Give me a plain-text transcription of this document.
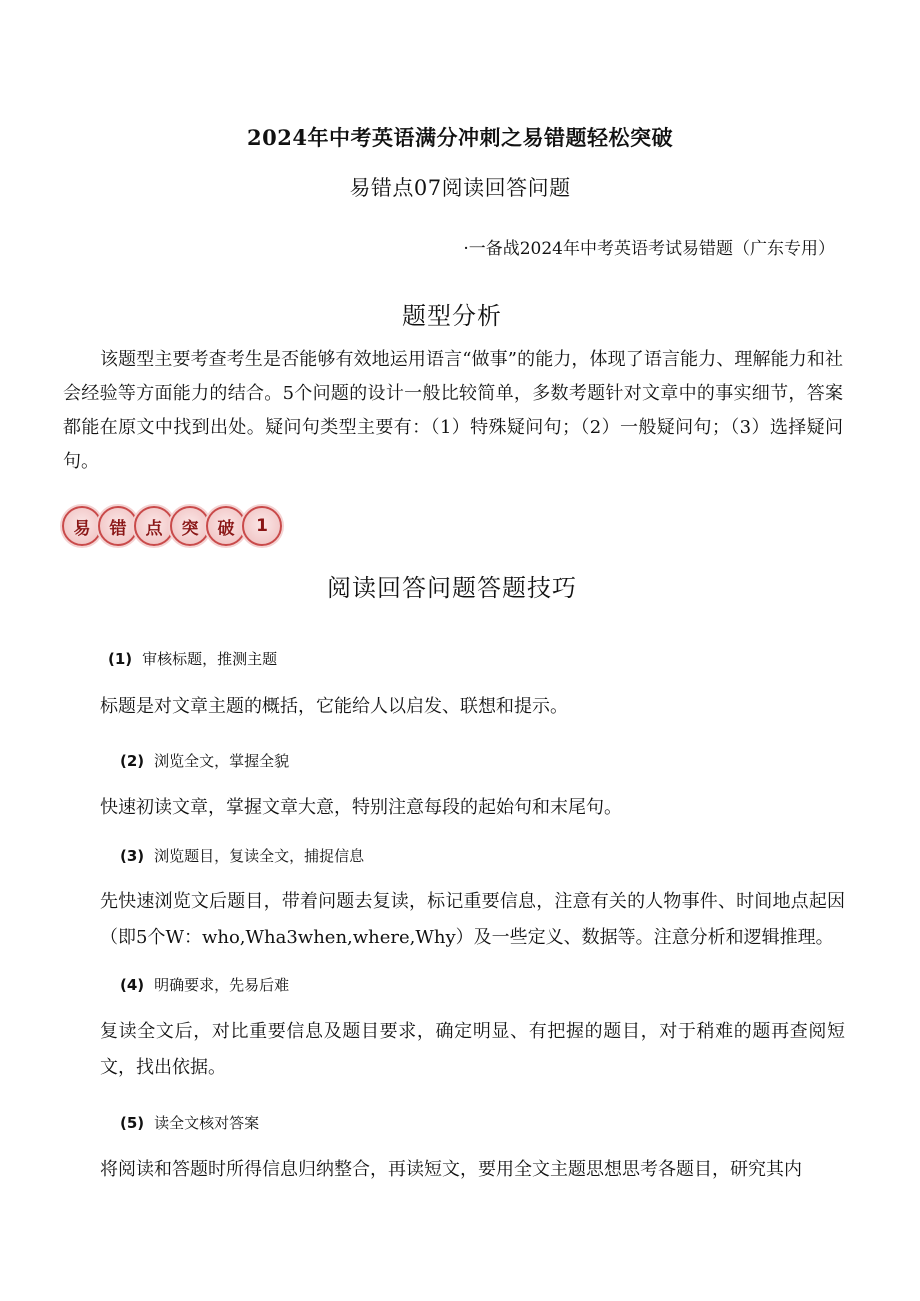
2024年中考英语满分冲刺之易错题轻松突破
易错点07阅读回答问题
·一备战2024年中考英语考试易错题（广东专用）
题型分析
该题型主要考查考生是否能够有效地运用语言“做事”的能力，体现了语言能力、理解能力和社会经验等方面能力的结合。5个问题的设计一般比较简单，多数考题针对文章中的事实细节，答案都能在原文中找到出处。疑问句类型主要有：（1）特殊疑问句；（2）一般疑问句；（3）选择疑问句。
易	错	点	突	破	1
阅读回答问题答题技巧
(1) 审核标题，推测主题
标题是对文章主题的概括，它能给人以启发、联想和提示。
(2) 浏览全文，掌握全貌
快速初读文章，掌握文章大意，特别注意每段的起始句和末尾句。
(3) 浏览题目，复读全文，捕捉信息
先快速浏览文后题目，带着问题去复读，标记重要信息，注意有关的人物事件、时间地点起因（即5个W：who,Wha3when,where,Why）及一些定义、数据等。注意分析和逻辑推理。
(4) 明确要求，先易后难
复读全文后，对比重要信息及题目要求，确定明显、有把握的题目，对于稍难的题再查阅短文，找出依据。
(5) 读全文核对答案
将阅读和答题时所得信息归纳整合，再读短文，要用全文主题思想思考各题目，研究其内
